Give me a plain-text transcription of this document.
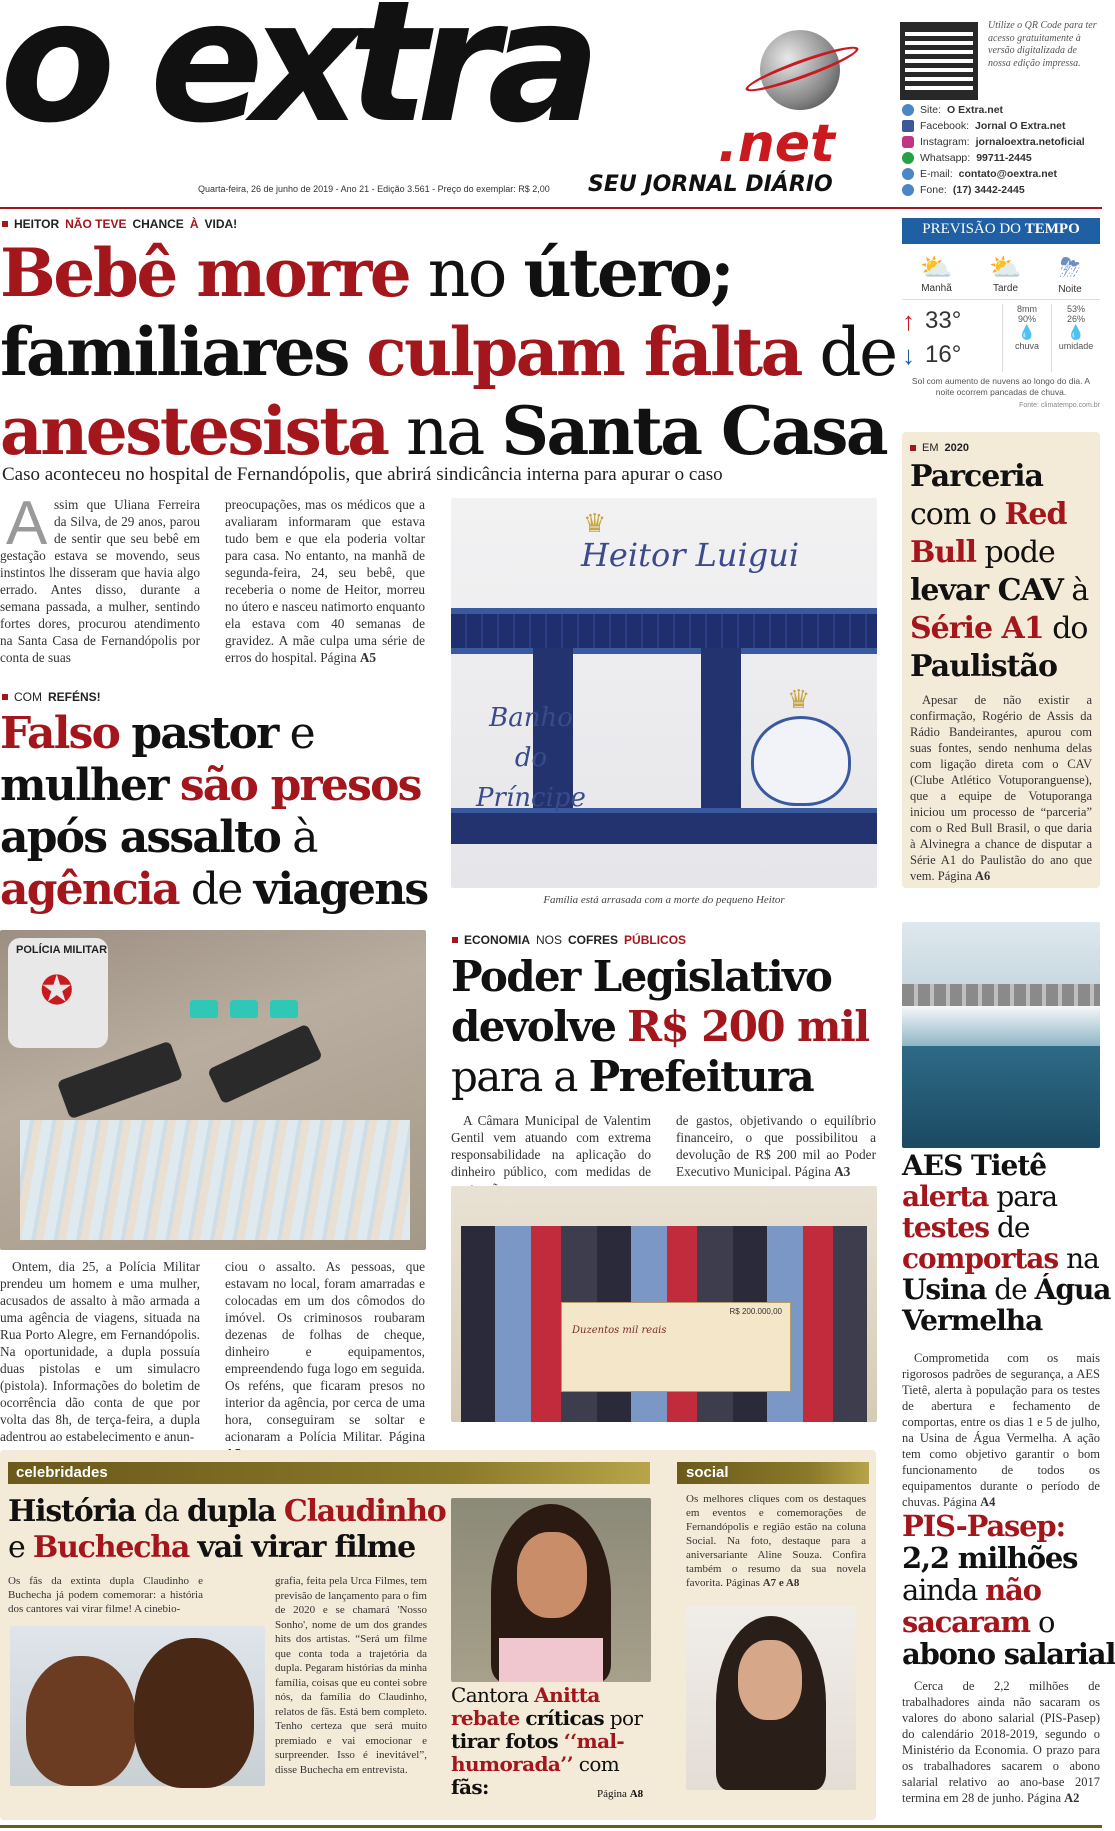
o extra .net
SEU JORNAL DIÁRIO
Quarta-feira, 26 de junho de 2019 - Ano 21 - Edição 3.561 - Preço do exemplar: R$ 2,00
Utilize o QR Code para ter acesso gratuitamente à versão digitalizada de nossa edição impressa.
Site: O Extra.net
Facebook: Jornal O Extra.net
Instagram: jornaloextra.netoficial
Whatsapp: 99711-2445
E-mail: contato@oextra.net
Fone: (17) 3442-2445
HEITOR NÃO TEVE CHANCE À VIDA!
Bebê morre no útero;
familiares culpam falta de
anestesista na Santa Casa
Caso aconteceu no hospital de Fernandópolis, que abrirá sindicância interna para apurar o caso
A ssim que Uliana Ferreira da Silva, de 29 anos, parou de sentir que seu bebê em gestação estava se movendo, seus instintos lhe disseram que havia algo errado. Antes disso, durante a semana passada, a mulher, sentindo fortes dores, procurou atendimento na Santa Casa de Fernandópolis por conta de suas
preocupações, mas os médicos que a avaliaram informaram que estava tudo bem e que ela poderia voltar para casa. No entanto, na manhã de segunda-feira, 24, seu bebê, que receberia o nome de Heitor, morreu no útero e nasceu natimorto enquanto ela estava com 40 semanas de gravidez. A mãe culpa uma série de erros do hospital. Página A5
Heitor Luigui
♛
Banho
do
Príncipe
♛
Família está arrasada com a morte do pequeno Heitor
PREVISÃO DO TEMPO
⛅
Manhã
⛅
Tarde
⛈
Noite
↑ 33°
↓ 16°
8mm
90%
💧
chuva
53%
26%
💧
umidade
Sol com aumento de nuvens ao longo do dia. A noite ocorrem pancadas de chuva.
Fonte: climatempo.com.br
EM 2020
Parceria
com o Red
Bull pode
levar CAV à
Série A1 do
Paulistão
Apesar de não existir a confirmação, Rogério de Assis da Rádio Bandeirantes, apurou com suas fontes, sendo nenhuma delas com ligação direta com o CAV (Clube Atlético Votuporanguense), que a equipe de Votuporanga iniciou um processo de “parceria” com o Red Bull Brasil, o que daria à Alvinegra a chance de disputar a Série A1 do Paulistão do ano que vem. Página A6
COM REFÉNS!
Falso pastor e
mulher são presos
após assalto à
agência de viagens
POLÍCIA MILITAR
✪
Ontem, dia 25, a Polícia Militar prendeu um homem e uma mulher, acusados de assalto à mão armada a uma agência de viagens, situada na Rua Porto Alegre, em Fernandópolis. Na oportunidade, a dupla possuía duas pistolas e um simulacro (pistola). Informações do boletim de ocorrência dão conta de que por volta das 8h, de terça-feira, a dupla adentrou ao estabelecimento e anun-
ciou o assalto. As pessoas, que estavam no local, foram amarradas e colocadas em um dos cômodos do imóvel. Os criminosos roubaram dezenas de folhas de cheque, dinheiro e equipamentos, empreendendo fuga logo em seguida. Os reféns, que ficaram presos no interior da agência, por cerca de uma hora, conseguiram se soltar e acionaram a Polícia Militar. Página
ECONOMIA NOS COFRES PÚBLICOS
Poder Legislativo
devolve R$ 200 mil
para a Prefeitura
A Câmara Municipal de Valentim Gentil vem atuando com extrema responsabilidade na aplicação do dinheiro público, com medidas de
de gastos, objetivando o equilíbrio financeiro, o que possibilitou a devolução de R$ 200 mil ao Poder Executivo Municipal. Página A3
R$ 200.000,00
Duzentos mil reais
AES Tietê
alerta para
testes de
comportas na
Usina de Água
Vermelha
Comprometida com os mais rigorosos padrões de segurança, a AES Tietê, alerta à população para os testes de abertura e fechamento de comportas, entre os dias 1 e 5 de julho, na Usina de Água Vermelha. A ação tem como objetivo garantir o bom funcionamento de todos os equipamentos durante o período de chuvas. Página A4
PIS-Pasep:
2,2 milhões
ainda não
sacaram o
abono salarial
Cerca de 2,2 milhões de trabalhadores ainda não sacaram os valores do abono salarial (PIS-Pasep) do calendário 2018-2019, segundo o Ministério da Economia. O prazo para os trabalhadores sacarem o abono salarial relativo ao ano-base 2017 termina em 28 de junho. Página A2
celebridades
História da dupla Claudinho
e Buchecha vai virar filme
Os fãs da extinta dupla Claudinho e Buchecha já podem comemorar: a história dos cantores vai virar filme! A cinebio-
grafia, feita pela Urca Filmes, tem previsão de lançamento para o fim de 2020 e se chamará 'Nosso Sonho', nome de um dos grandes hits dos artistas. “Será um filme que conta toda a trajetória da dupla. Pegaram histórias da minha família, coisas que eu contei sobre nós, da família do Claudinho, relatos de fãs. Está bem completo. Tenho certeza que será muito premiado e vai emocionar e surpreender. Isso é inevitável”, disse Buchecha em entrevista.
Cantora Anitta rebate críticas por tirar fotos ‘‘mal-humorada’’ com fãs:	Página A8
social
Os melhores cliques com os destaques em eventos e comemorações de Fernandópolis e região estão na coluna Social. Na foto, destaque para a aniversariante Aline Souza. Confira também o resumo da sua novela favorita. Páginas A7 e A8
